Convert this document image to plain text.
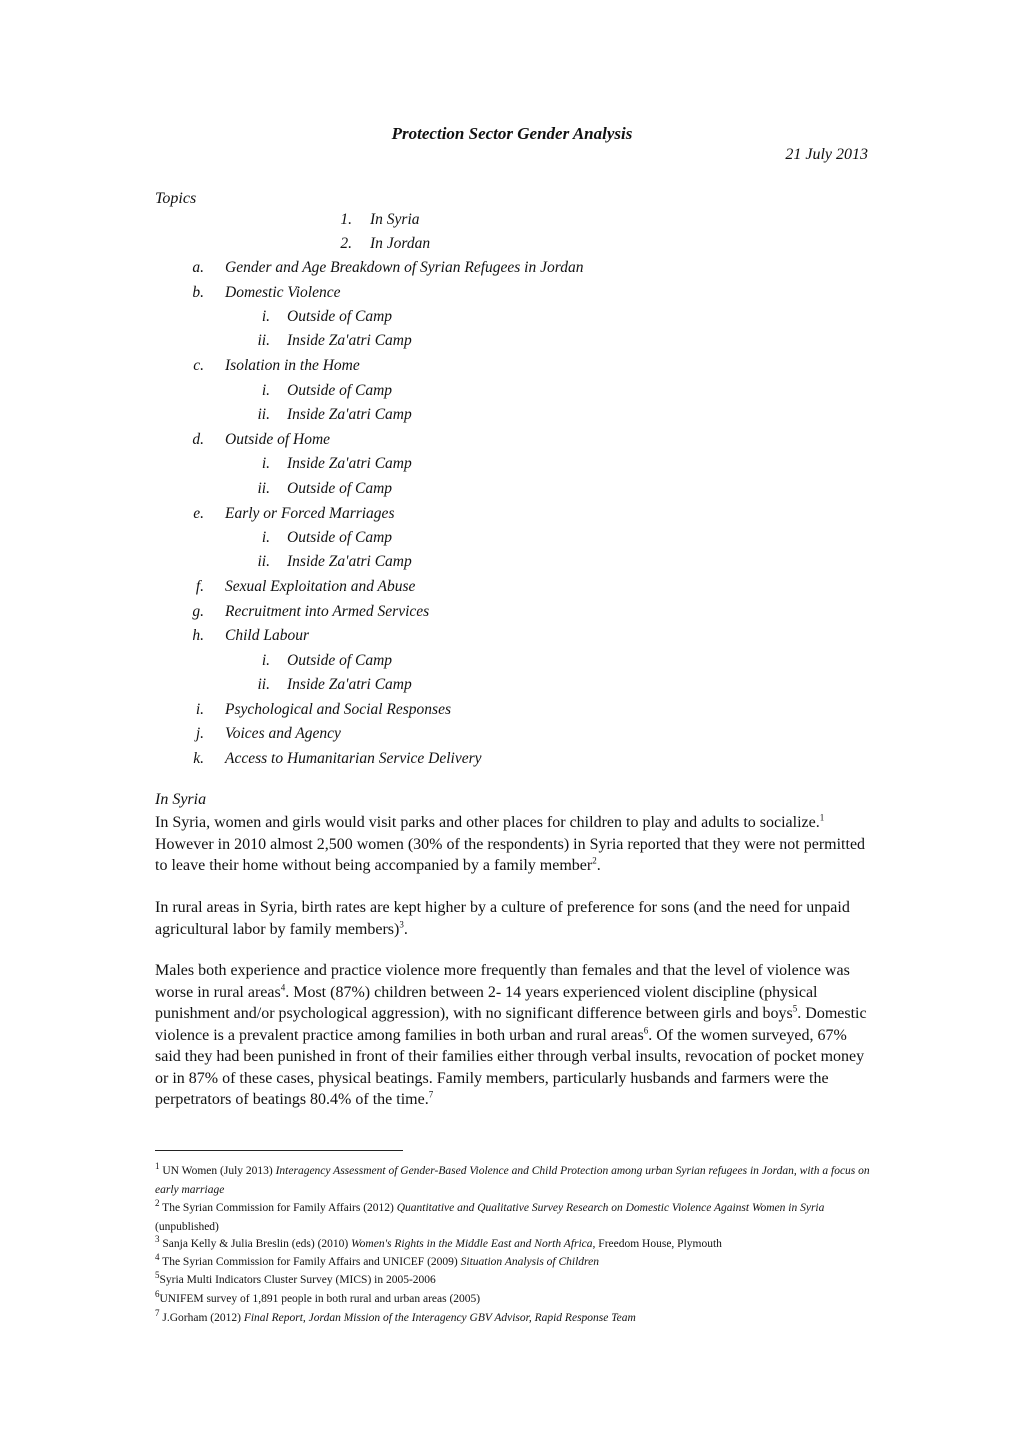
Protection Sector Gender Analysis
21 July 2013
Topics
1. In Syria
2. In Jordan
a. Gender and Age Breakdown of Syrian Refugees in Jordan
b. Domestic Violence
i. Outside of Camp
ii. Inside Za'atri Camp
c. Isolation in the Home
i. Outside of Camp
ii. Inside Za'atri Camp
d. Outside of Home
i. Inside Za'atri Camp
ii. Outside of Camp
e. Early or Forced Marriages
i. Outside of Camp
ii. Inside Za'atri Camp
f. Sexual Exploitation and Abuse
g. Recruitment into Armed Services
h. Child Labour
i. Outside of Camp
ii. Inside Za'atri Camp
i. Psychological and Social Responses
j. Voices and Agency
k. Access to Humanitarian Service Delivery
In Syria

In Syria, women and girls would visit parks and other places for children to play and adults to socialize.$^1$ However in 2010 almost 2,500 women (30% of the respondents) in Syria reported that they were not permitted to leave their home without being accompanied by a family member$^2$.

In rural areas in Syria, birth rates are kept higher by a culture of preference for sons (and the need for unpaid agricultural labor by family members)$^3$.

Males both experience and practice violence more frequently than females and that the level of violence was worse in rural areas$^4$. Most (87%) children between 2- 14 years experienced violent discipline (physical punishment and/or psychological aggression), with no significant difference between girls and boys$^5$. Domestic violence is a prevalent practice among families in both urban and rural areas$^6$. Of the women surveyed, 67% said they had been punished in front of their families either through verbal insults, revocation of pocket money or in 87% of these cases, physical beatings. Family members, particularly husbands and farmers were the perpetrators of beatings 80.4% of the time.$^7$

$^1$ UN Women (July 2013) Interagency Assessment of Gender-Based Violence and Child Protection among urban Syrian refugees in Jordan, with a focus on early marriage
$^2$ The Syrian Commission for Family Affairs (2012) Quantitative and Qualitative Survey Research on Domestic Violence Against Women in Syria (unpublished)
$^3$ Sanja Kelly & Julia Breslin (eds) (2010) Women's Rights in the Middle East and North Africa, Freedom House, Plymouth
$^4$ The Syrian Commission for Family Affairs and UNICEF (2009) Situation Analysis of Children
$^5$Syria Multi Indicators Cluster Survey (MICS) in 2005-2006
$^6$UNIFEM survey of 1,891 people in both rural and urban areas (2005)
$^7$ J.Gorham (2012) Final Report, Jordan Mission of the Interagency GBV Advisor, Rapid Response Team
